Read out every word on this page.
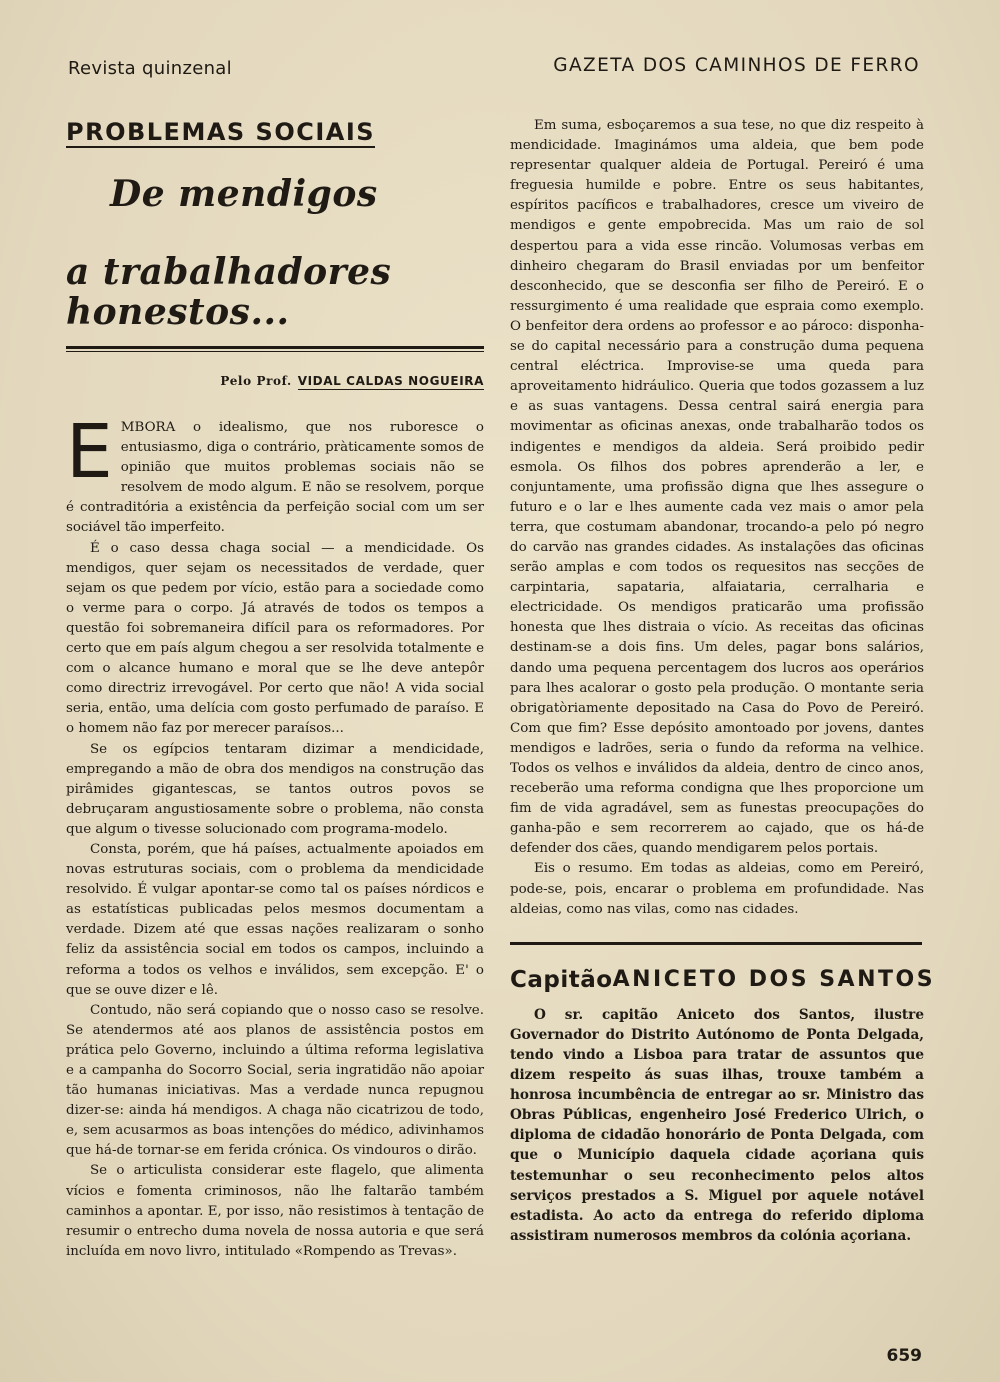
Revista quinzenal	GAZETA DOS CAMINHOS DE FERRO
PROBLEMAS SOCIAIS
De mendigos
a trabalhadores honestos...
Pelo Prof. VIDAL CALDAS NOGUEIRA

EMBORA o idealismo, que nos ruboresce o entusiasmo, diga o contrário, pràticamente somos de opinião que muitos problemas sociais não se resolvem de modo algum. E não se resolvem, porque é contraditória a existência da perfeição social com um ser sociável tão imperfeito.

É o caso dessa chaga social — a mendicidade. Os mendigos, quer sejam os necessitados de verdade, quer sejam os que pedem por vício, estão para a sociedade como o verme para o corpo. Já através de todos os tempos a questão foi sobremaneira difícil para os reformadores. Por certo que em país algum chegou a ser resolvida totalmente e com o alcance humano e moral que se lhe deve antepôr como directriz irrevogável. Por certo que não! A vida social seria, então, uma delícia com gosto perfumado de paraíso. E o homem não faz por merecer paraísos...

Se os egípcios tentaram dizimar a mendicidade, empregando a mão de obra dos mendigos na construção das pirâmides gigantescas, se tantos outros povos se debruçaram angustiosamente sobre o problema, não consta que algum o tivesse solucionado com programa-modelo.

Consta, porém, que há países, actualmente apoiados em novas estruturas sociais, com o problema da mendicidade resolvido. É vulgar apontar-se como tal os países nórdicos e as estatísticas publicadas pelos mesmos documentam a verdade. Dizem até que essas nações realizaram o sonho feliz da assistência social em todos os campos, incluindo a reforma a todos os velhos e inválidos, sem excepção. E' o que se ouve dizer e lê.

Contudo, não será copiando que o nosso caso se resolve. Se atendermos até aos planos de assistência postos em prática pelo Governo, incluindo a última reforma legislativa e a campanha do Socorro Social, seria ingratidão não apoiar tão humanas iniciativas. Mas a verdade nunca repugnou dizer-se: ainda há mendigos. A chaga não cicatrizou de todo, e, sem acusarmos as boas intenções do médico, adivinhamos que há-de tornar-se em ferida crónica. Os vindouros o dirão.

Se o articulista considerar este flagelo, que alimenta vícios e fomenta criminosos, não lhe faltarão também caminhos a apontar. E, por isso, não resistimos à tentação de resumir o entrecho duma novela de nossa autoria e que será incluída em novo livro, intitulado «Rompendo as Trevas».

Em suma, esboçaremos a sua tese, no que diz respeito à mendicidade. Imaginámos uma aldeia, que bem pode representar qualquer aldeia de Portugal. Pereiró é uma freguesia humilde e pobre. Entre os seus habitantes, espíritos pacíficos e trabalhadores, cresce um viveiro de mendigos e gente empobrecida. Mas um raio de sol despertou para a vida esse rincão. Volumosas verbas em dinheiro chegaram do Brasil enviadas por um benfeitor desconhecido, que se desconfia ser filho de Pereiró. E o ressurgimento é uma realidade que espraia como exemplo. O benfeitor dera ordens ao professor e ao pároco: disponha-se do capital necessário para a construção duma pequena central eléctrica. Improvise-se uma queda para aproveitamento hidráulico. Queria que todos gozassem a luz e as suas vantagens. Dessa central sairá energia para movimentar as oficinas anexas, onde trabalharão todos os indigentes e mendigos da aldeia. Será proibido pedir esmola. Os filhos dos pobres aprenderão a ler, e conjuntamente, uma profissão digna que lhes assegure o futuro e o lar e lhes aumente cada vez mais o amor pela terra, que costumam abandonar, trocando-a pelo pó negro do carvão nas grandes cidades. As instalações das oficinas serão amplas e com todos os requesitos nas secções de carpintaria, sapataria, alfaiataria, cerralharia e electricidade. Os mendigos praticarão uma profissão honesta que lhes distraia o vício. As receitas das oficinas destinam-se a dois fins. Um deles, pagar bons salários, dando uma pequena percentagem dos lucros aos operários para lhes acalorar o gosto pela produção. O montante seria obrigatòriamente depositado na Casa do Povo de Pereiró. Com que fim? Esse depósito amontoado por jovens, dantes mendigos e ladrões, seria o fundo da reforma na velhice. Todos os velhos e inválidos da aldeia, dentro de cinco anos, receberão uma reforma condigna que lhes proporcione um fim de vida agradável, sem as funestas preocupações do ganha-pão e sem recorrerem ao cajado, que os há-de defender dos cães, quando mendigarem pelos portais.

Eis o resumo. Em todas as aldeias, como em Pereiró, pode-se, pois, encarar o problema em profundidade. Nas aldeias, como nas vilas, como nas cidades.

Capitão ANICETO DOS SANTOS

O sr. capitão Aniceto dos Santos, ilustre Governador do Distrito Autónomo de Ponta Delgada, tendo vindo a Lisboa para tratar de assuntos que dizem respeito ás suas ilhas, trouxe também a honrosa incumbência de entregar ao sr. Ministro das Obras Públicas, engenheiro José Frederico Ulrich, o diploma de cidadão honorário de Ponta Delgada, com que o Município daquela cidade açoriana quis testemunhar o seu reconhecimento pelos altos serviços prestados a S. Miguel por aquele notável estadista. Ao acto da entrega do referido diploma assistiram numerosos membros da colónia açoriana.

659
